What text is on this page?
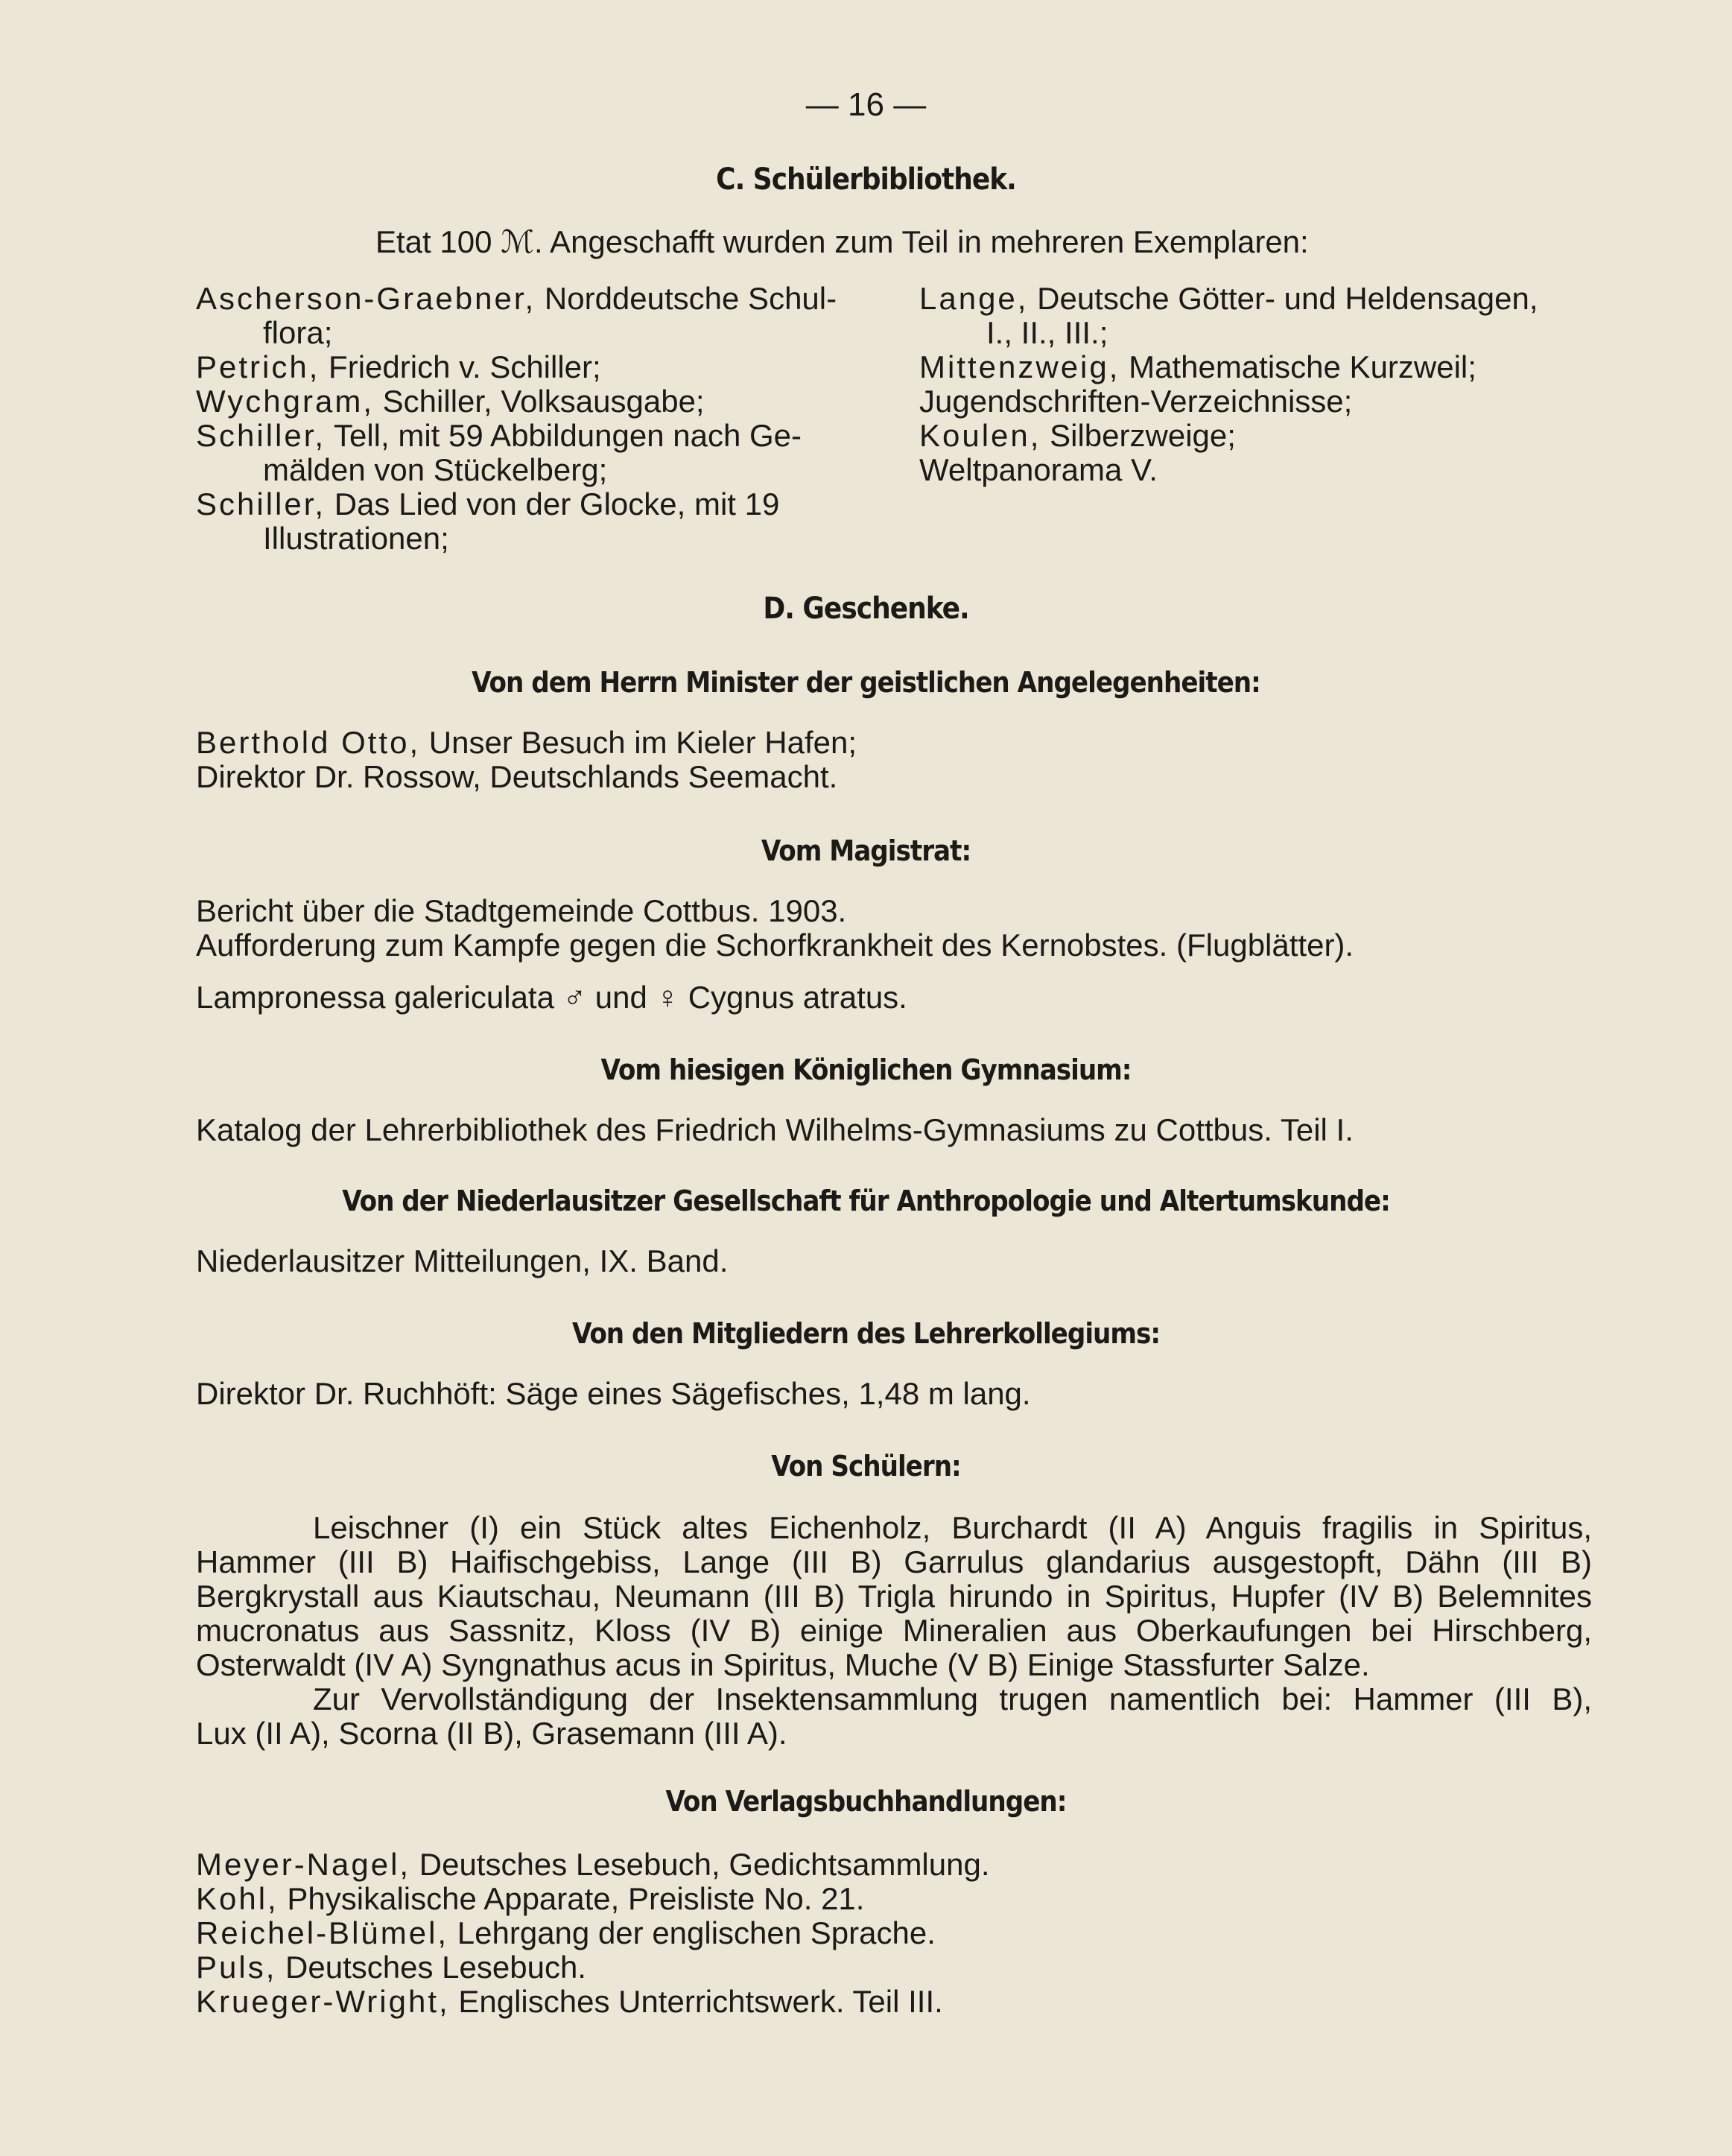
— 16 —
C. Schülerbibliothek.
Etat 100 ℳ. Angeschafft wurden zum Teil in mehreren Exemplaren:
Ascherson-Graebner, Norddeutsche Schul-
flora;
Petrich, Friedrich v. Schiller;
Wychgram, Schiller, Volksausgabe;
Schiller, Tell, mit 59 Abbildungen nach Ge-
mälden von Stückelberg;
Schiller, Das Lied von der Glocke, mit 19
Illustrationen;
Lange, Deutsche Götter- und Heldensagen,
I., II., III.;
Mittenzweig, Mathematische Kurzweil;
Jugendschriften-Verzeichnisse;
Koulen, Silberzweige;
Weltpanorama V.
D. Geschenke.
Von dem Herrn Minister der geistlichen Angelegenheiten:
Berthold Otto, Unser Besuch im Kieler Hafen;
Direktor Dr. Rossow, Deutschlands Seemacht.
Vom Magistrat:
Bericht über die Stadtgemeinde Cottbus. 1903.
Aufforderung zum Kampfe gegen die Schorfkrankheit des Kernobstes. (Flugblätter).
Lampronessa galericulata ♂ und ♀ Cygnus atratus.
Vom hiesigen Königlichen Gymnasium:
Katalog der Lehrerbibliothek des Friedrich Wilhelms-Gymnasiums zu Cottbus. Teil I.
Von der Niederlausitzer Gesellschaft für Anthropologie und Altertumskunde:
Niederlausitzer Mitteilungen, IX. Band.
Von den Mitgliedern des Lehrerkollegiums:
Direktor Dr. Ruchhöft: Säge eines Sägefisches, 1,48 m lang.
Von Schülern:
Leischner (I) ein Stück altes Eichenholz, Burchardt (II A) Anguis fragilis in Spiritus,
Hammer (III B) Haifischgebiss, Lange (III B) Garrulus glandarius ausgestopft, Dähn (III B)
Bergkrystall aus Kiautschau, Neumann (III B) Trigla hirundo in Spiritus, Hupfer (IV B) Belemnites
mucronatus aus Sassnitz, Kloss (IV B) einige Mineralien aus Oberkaufungen bei Hirschberg,
Osterwaldt (IV A) Syngnathus acus in Spiritus, Muche (V B) Einige Stassfurter Salze.
Zur Vervollständigung der Insektensammlung trugen namentlich bei: Hammer (III B),
Lux (II A), Scorna (II B), Grasemann (III A).
Von Verlagsbuchhandlungen:
Meyer-Nagel, Deutsches Lesebuch, Gedichtsammlung.
Kohl, Physikalische Apparate, Preisliste No. 21.
Reichel-Blümel, Lehrgang der englischen Sprache.
Puls, Deutsches Lesebuch.
Krueger-Wright, Englisches Unterrichtswerk. Teil III.
